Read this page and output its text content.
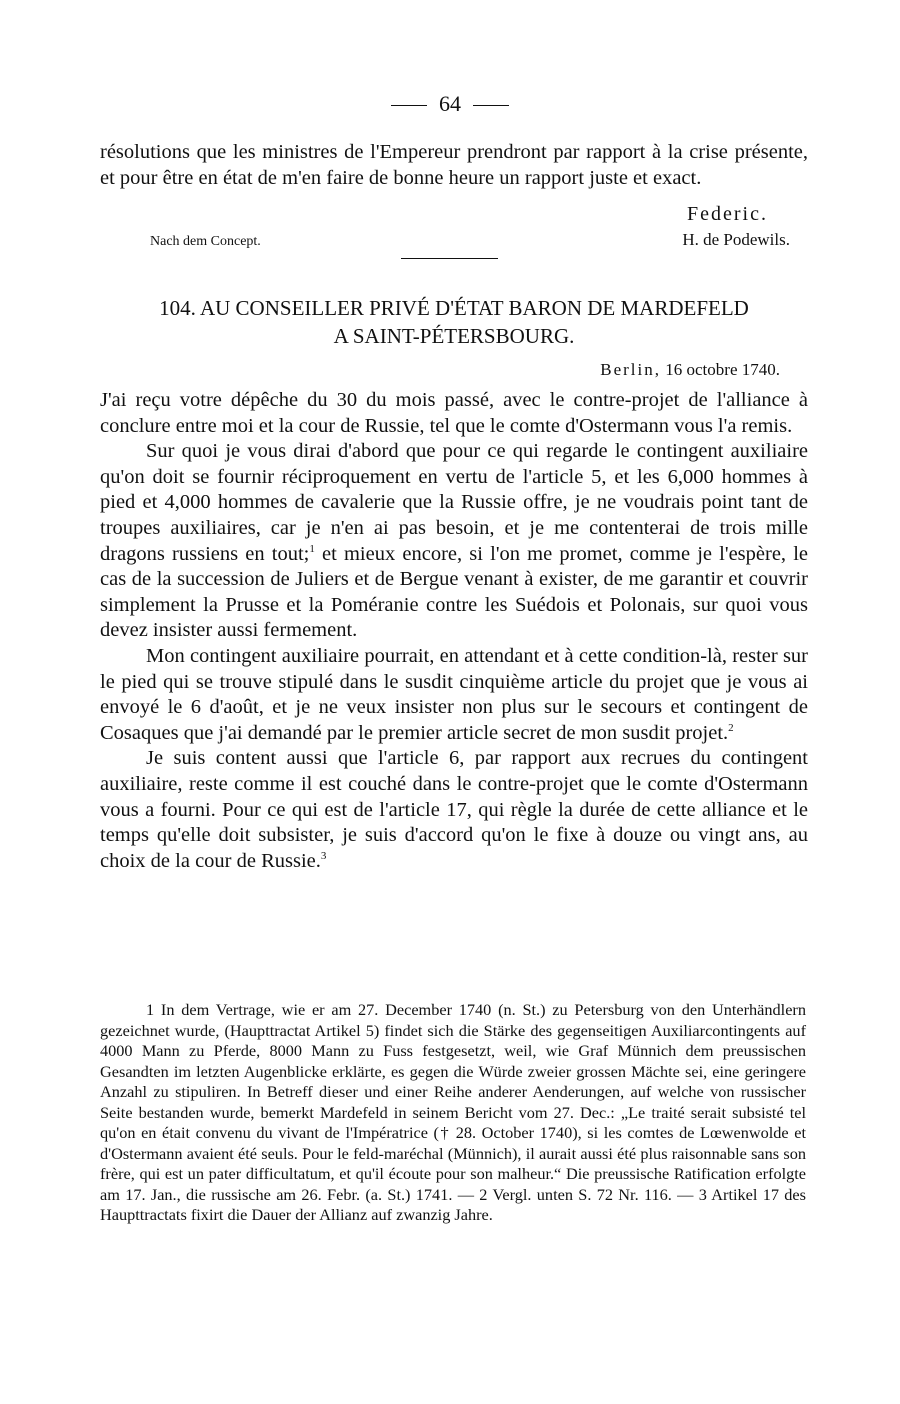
64

résolutions que les ministres de l'Empereur prendront par rapport à la crise présente, et pour être en état de m'en faire de bonne heure un rapport juste et exact.

Federic.
Nach dem Concept.	H. de Podewils.
104. AU CONSEILLER PRIVÉ D'ÉTAT BARON DE MARDEFELD
A SAINT-PÉTERSBOURG.
Berlin, 16 octobre 1740.

J'ai reçu votre dépêche du 30 du mois passé, avec le contre-projet de l'alliance à conclure entre moi et la cour de Russie, tel que le comte d'Ostermann vous l'a remis.

Sur quoi je vous dirai d'abord que pour ce qui regarde le contingent auxiliaire qu'on doit se fournir réciproquement en vertu de l'article 5, et les 6,000 hommes à pied et 4,000 hommes de cavalerie que la Russie offre, je ne voudrais point tant de troupes auxiliaires, car je n'en ai pas besoin, et je me contenterai de trois mille dragons russiens en tout;$^1$ et mieux encore, si l'on me promet, comme je l'espère, le cas de la succession de Juliers et de Bergue venant à exister, de me garantir et couvrir simplement la Prusse et la Poméranie contre les Suédois et Polonais, sur quoi vous devez insister aussi fermement.

Mon contingent auxiliaire pourrait, en attendant et à cette condition-là, rester sur le pied qui se trouve stipulé dans le susdit cinquième article du projet que je vous ai envoyé le 6 d'août, et je ne veux insister non plus sur le secours et contingent de Cosaques que j'ai demandé par le premier article secret de mon susdit projet.$^2$

Je suis content aussi que l'article 6, par rapport aux recrues du contingent auxiliaire, reste comme il est couché dans le contre-projet que le comte d'Ostermann vous a fourni. Pour ce qui est de l'article 17, qui règle la durée de cette alliance et le temps qu'elle doit subsister, je suis d'accord qu'on le fixe à douze ou vingt ans, au choix de la cour de Russie.$^3$

1 In dem Vertrage, wie er am 27. December 1740 (n. St.) zu Petersburg von den Unterhändlern gezeichnet wurde, (Haupttractat Artikel 5) findet sich die Stärke des gegenseitigen Auxiliarcontingents auf 4000 Mann zu Pferde, 8000 Mann zu Fuss festgesetzt, weil, wie Graf Münnich dem preussischen Gesandten im letzten Augenblicke erklärte, es gegen die Würde zweier grossen Mächte sei, eine geringere Anzahl zu stipuliren. In Betreff dieser und einer Reihe anderer Aenderungen, auf welche von russischer Seite bestanden wurde, bemerkt Mardefeld in seinem Bericht vom 27. Dec.: „Le traité serait subsisté tel qu'on en était convenu du vivant de l'Impératrice († 28. October 1740), si les comtes de Lœwenwolde et d'Ostermann avaient été seuls. Pour le feld-maréchal (Münnich), il aurait aussi été plus raisonnable sans son frère, qui est un pater difficultatum, et qu'il écoute pour son malheur.“ Die preussische Ratification erfolgte am 17. Jan., die russische am 26. Febr. (a. St.) 1741. — 2 Vergl. unten S. 72 Nr. 116. — 3 Artikel 17 des Haupttractats fixirt die Dauer der Allianz auf zwanzig Jahre.
